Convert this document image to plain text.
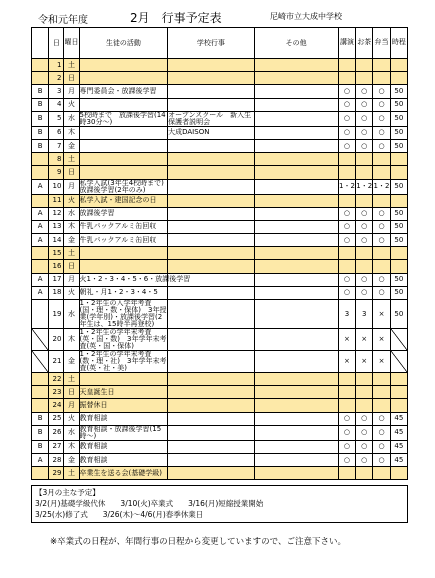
令和元年度	2月　行事予定表	尼崎市立大成中学校
	日	曜日	生徒の活動	学校行事	その他	講演	お茶	弁当	時程
	1	土							
	2	日							
B	3	月	専門委員会・放課後学習			○	○	○	50
B	4	火				○	○	○	50
B	5	水	5校時まで　放課後学習(14時30分～)	オープンスクール　新入生保護者説明会		○	○	○	50
B	6	木		大成DAISON		○	○	○	50
B	7	金				○	○	○	50
	8	土							
	9	日							
A	10	月	私学入試(3年生4校時まで)　放課後学習(2年のみ)			1・2	1・2	1・2	50
	11	火	私学入試・建国記念の日						
A	12	水	放課後学習			○	○	○	50
A	13	木	牛乳パックアルミ缶回収			○	○	○	50
A	14	金	牛乳パックアルミ缶回収			○	○	○	50
	15	土							
	16	日							
A	17	月	火1・2・3・4・5・6・放課後学習			○	○	○	50
A	18	火	朝礼・月1・2・3・4・5			○	○	○	50
	19	水	1・2年生の入学年考査(国・理・数・保体)　3年授業(学年別)・放課後学習(2年生は、15時半再登校)			3	3	×	50
	20	木	1・2年生の学年末考査(英・国・数)　3年学年末考査(英・国・保体)			×	×	×	
	21	金	1・2年生の学年末考査(数・理・社)　3年学年末考査(英・社・美)			×	×	×	
	22	土							
	23	日	天皇誕生日						
	24	月	振替休日						
B	25	火	教育相談			○	○	○	45
B	26	水	教育相談・放課後学習(15時～)			○	○	○	45
B	27	木	教育相談			○	○	○	45
A	28	金	教育相談			○	○	○	45
	29	土	卒業生を送る会(基礎学級)						
【3月の主な予定】
3/2(月)基礎学級代休　　3/10(火)卒業式　　3/16(月)短縮授業開始
3/25(水)修了式　　3/26(木)～4/6(月)春季休業日
※卒業式の日程が、年間行事の日程から変更していますので、ご注意下さい。
